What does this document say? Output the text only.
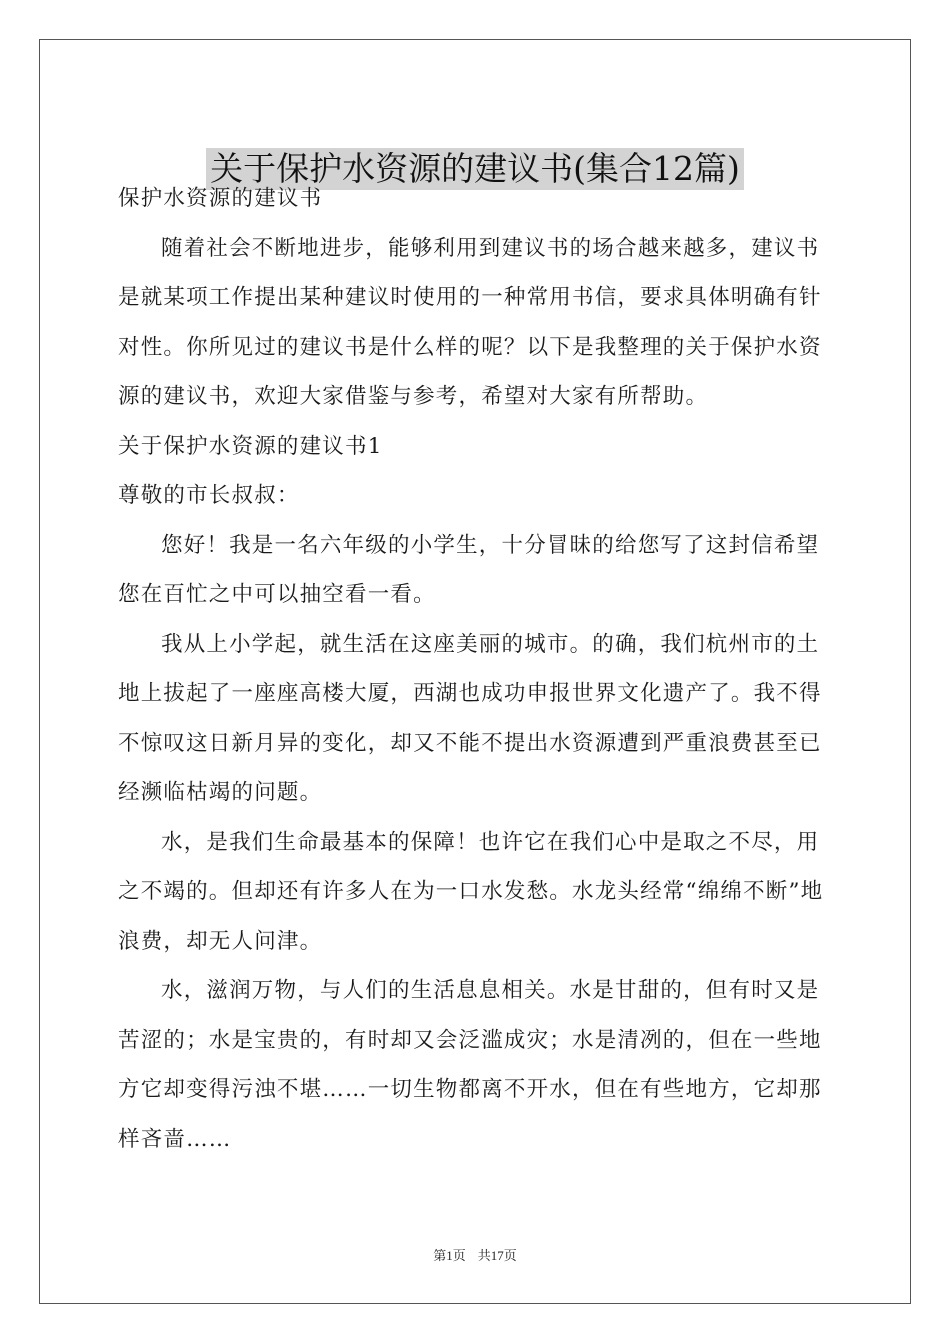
关于保护水资源的建议书(集合12篇)

保护水资源的建议书

随着社会不断地进步，能够利用到建议书的场合越来越多，建议书是就某项工作提出某种建议时使用的一种常用书信，要求具体明确有针对性。你所见过的建议书是什么样的呢？以下是我整理的关于保护水资源的建议书，欢迎大家借鉴与参考，希望对大家有所帮助。

关于保护水资源的建议书1

尊敬的市长叔叔：

您好！我是一名六年级的小学生，十分冒昧的给您写了这封信希望您在百忙之中可以抽空看一看。

我从上小学起，就生活在这座美丽的城市。的确，我们杭州市的土地上拔起了一座座高楼大厦，西湖也成功申报世界文化遗产了。我不得不惊叹这日新月异的变化，却又不能不提出水资源遭到严重浪费甚至已经濒临枯竭的问题。

水，是我们生命最基本的保障！也许它在我们心中是取之不尽，用之不竭的。但却还有许多人在为一口水发愁。水龙头经常“绵绵不断”地浪费，却无人问津。

水，滋润万物，与人们的生活息息相关。水是甘甜的，但有时又是苦涩的；水是宝贵的，有时却又会泛滥成灾；水是清冽的，但在一些地方它却变得污浊不堪……一切生物都离不开水，但在有些地方，它却那样吝啬……

第1页 共17页
